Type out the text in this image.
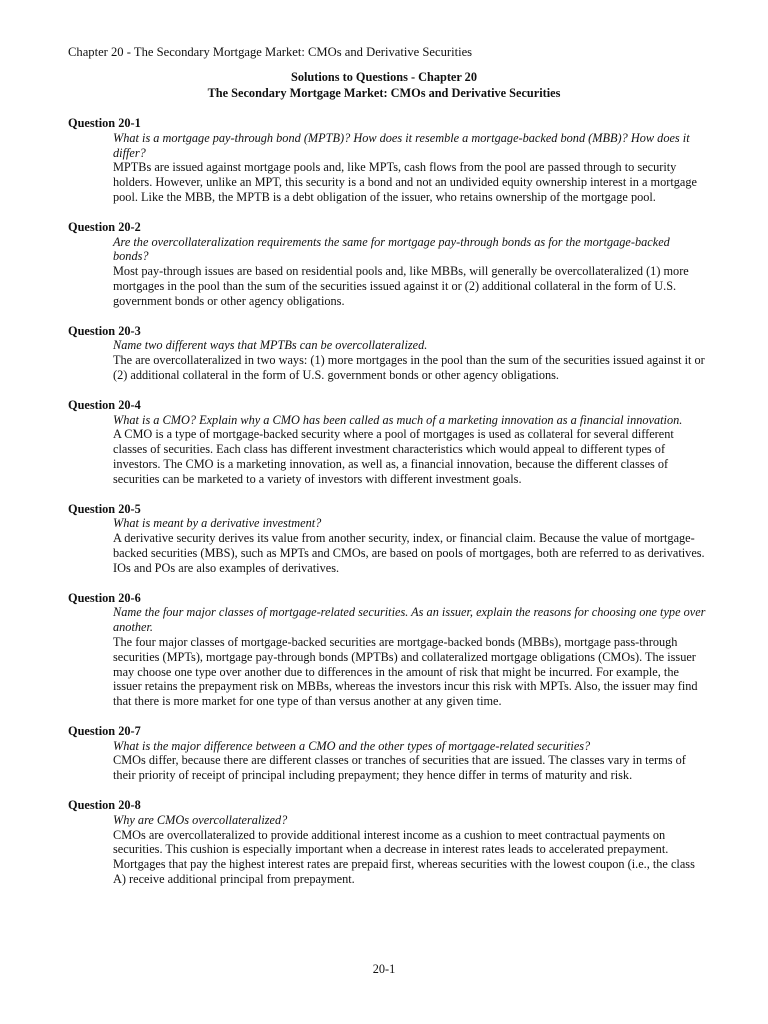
Chapter 20 - The Secondary Mortgage Market: CMOs and Derivative Securities
Solutions to Questions - Chapter 20
The Secondary Mortgage Market: CMOs and Derivative Securities
Question 20-1
What is a mortgage pay-through bond (MPTB)? How does it resemble a mortgage-backed bond (MBB)? How does it differ?
MPTBs are issued against mortgage pools and, like MPTs, cash flows from the pool are passed through to security holders. However, unlike an MPT, this security is a bond and not an undivided equity ownership interest in a mortgage pool. Like the MBB, the MPTB is a debt obligation of the issuer, who retains ownership of the mortgage pool.
Question 20-2
Are the overcollateralization requirements the same for mortgage pay-through bonds as for the mortgage-backed bonds?
Most pay-through issues are based on residential pools and, like MBBs, will generally be overcollateralized (1) more mortgages in the pool than the sum of the securities issued against it or (2) additional collateral in the form of U.S. government bonds or other agency obligations.
Question 20-3
Name two different ways that MPTBs can be overcollateralized.
The are overcollateralized in two ways: (1) more mortgages in the pool than the sum of the securities issued against it or (2) additional collateral in the form of U.S. government bonds or other agency obligations.
Question 20-4
What is a CMO? Explain why a CMO has been called as much of a marketing innovation as a financial innovation.
A CMO is a type of mortgage-backed security where a pool of mortgages is used as collateral for several different classes of securities. Each class has different investment characteristics which would appeal to different types of investors. The CMO is a marketing innovation, as well as, a financial innovation, because the different classes of securities can be marketed to a variety of investors with different investment goals.
Question 20-5
What is meant by a derivative investment?
A derivative security derives its value from another security, index, or financial claim. Because the value of mortgage-backed securities (MBS), such as MPTs and CMOs, are based on pools of mortgages, both are referred to as derivatives. IOs and POs are also examples of derivatives.
Question 20-6
Name the four major classes of mortgage-related securities. As an issuer, explain the reasons for choosing one type over another.
The four major classes of mortgage-backed securities are mortgage-backed bonds (MBBs), mortgage pass-through securities (MPTs), mortgage pay-through bonds (MPTBs) and collateralized mortgage obligations (CMOs). The issuer may choose one type over another due to differences in the amount of risk that might be incurred. For example, the issuer retains the prepayment risk on MBBs, whereas the investors incur this risk with MPTs. Also, the issuer may find that there is more market for one type of than versus another at any given time.
Question 20-7
What is the major difference between a CMO and the other types of mortgage-related securities?
CMOs differ, because there are different classes or tranches of securities that are issued. The classes vary in terms of their priority of receipt of principal including prepayment; they hence differ in terms of maturity and risk.
Question 20-8
Why are CMOs overcollateralized?
CMOs are overcollateralized to provide additional interest income as a cushion to meet contractual payments on securities. This cushion is especially important when a decrease in interest rates leads to accelerated prepayment. Mortgages that pay the highest interest rates are prepaid first, whereas securities with the lowest coupon (i.e., the class A) receive additional principal from prepayment.
20-1
